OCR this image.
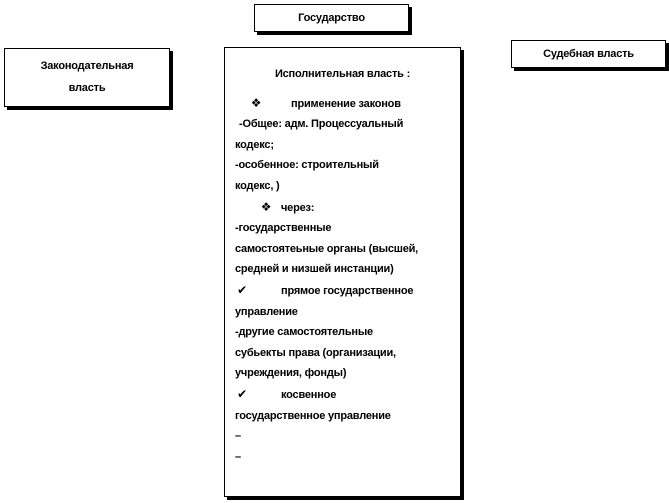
Государство
Законодательная
власть
Судебная власть
Исполнительная власть :
❖	применение законов
-Общее: адм. Процессуальный
кодекс;
-особенное: строительный
кодекс, )
❖ через:
-государственные
самостоятеьные органы (высшей,
средней и низшей инстанции)
✔	прямое государственное
управление
-другие самостоятельные
субьекты права (организации,
учреждения, фонды)
✔	косвенное
государственное управление
–
–
